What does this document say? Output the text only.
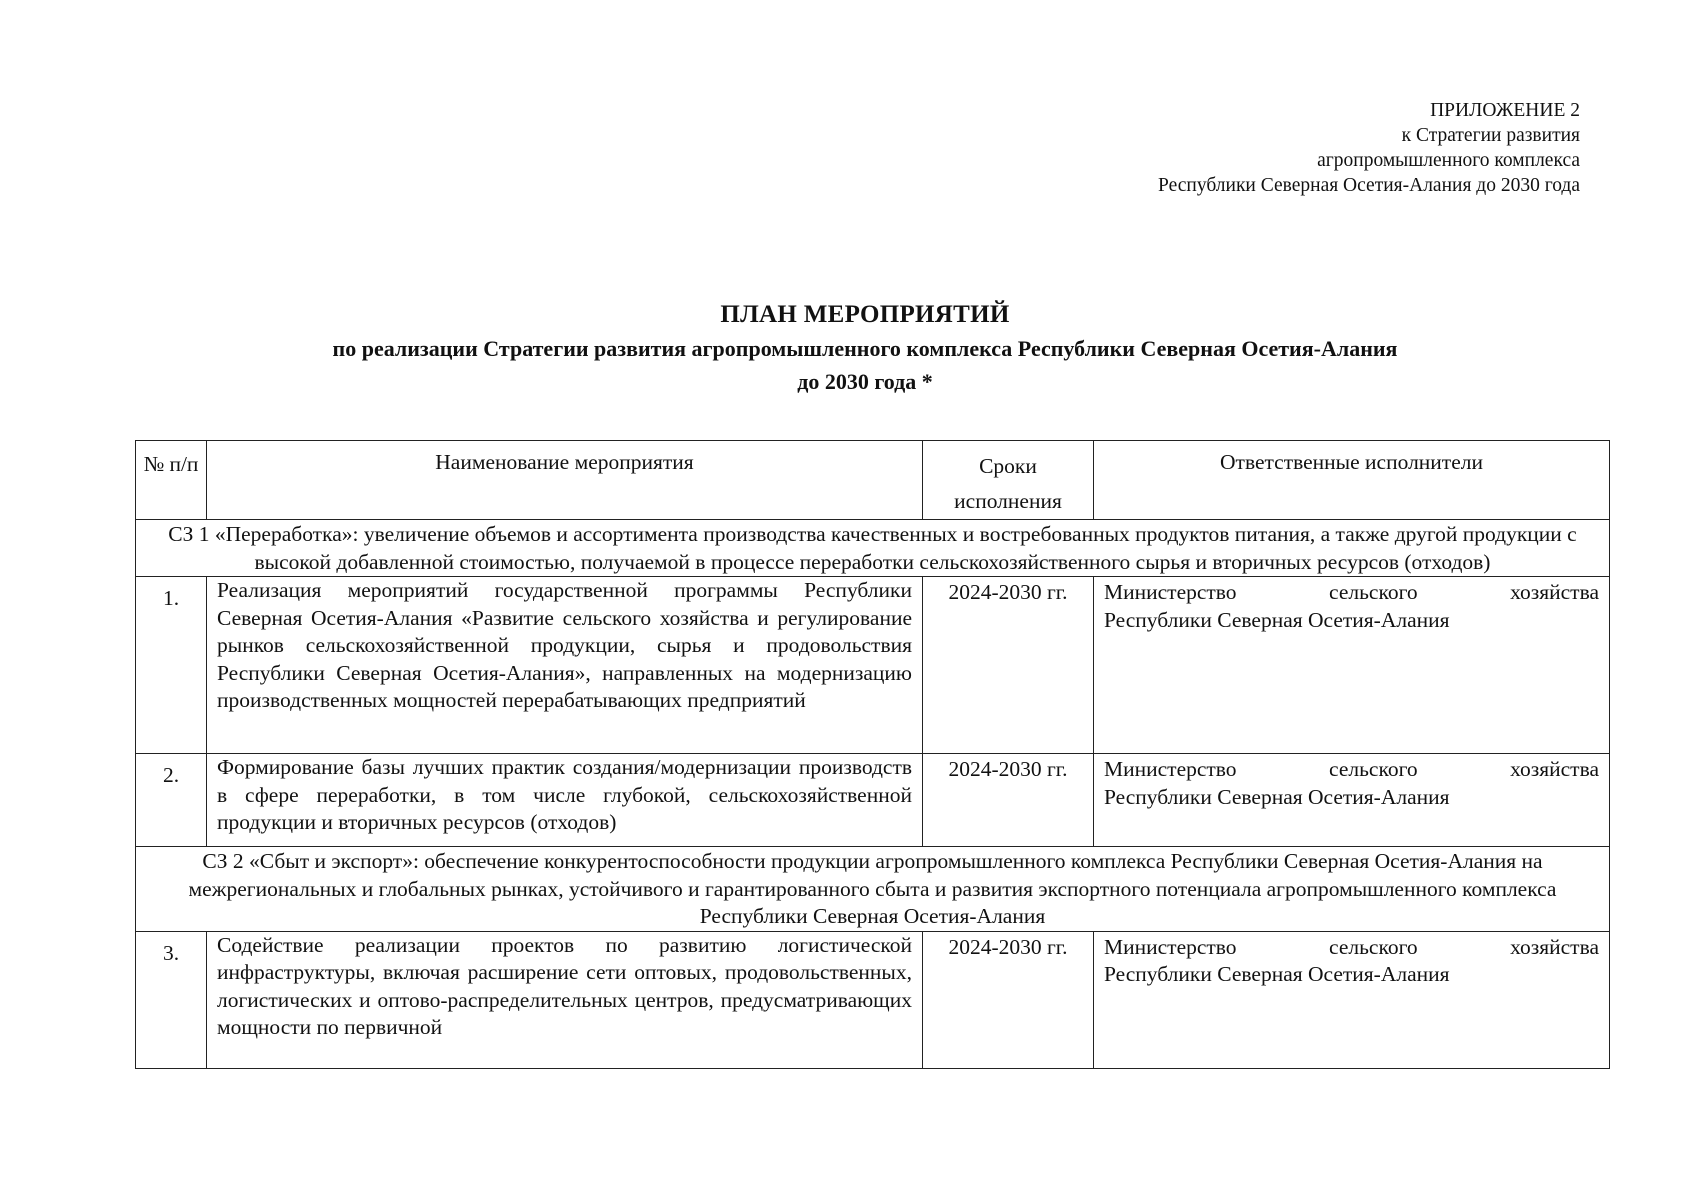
ПРИЛОЖЕНИЕ 2
к Стратегии развития
агропромышленного комплекса
Республики Северная Осетия-Алания до 2030 года
ПЛАН МЕРОПРИЯТИЙ
по реализации Стратегии развития агропромышленного комплекса Республики Северная Осетия-Алания
до 2030 года *
№ п/п	Наименование мероприятия	Сроки исполнения	Ответственные исполнители
СЗ 1 «Переработка»: увеличение объемов и ассортимента производства качественных и востребованных продуктов питания, а также другой продукции с высокой добавленной стоимостью, получаемой в процессе переработки сельскохозяйственного сырья и вторичных ресурсов (отходов)			
1.	Реализация мероприятий государственной программы Республики Северная Осетия-Алания «Развитие сельского хозяйства и регулирование рынков сельскохозяйственной продукции, сырья и продовольствия Республики Северная Осетия-Алания», направленных на модернизацию производственных мощностей перерабатывающих предприятий	2024-2030 гг.	Министерство сельского хозяйства
Республики Северная Осетия-Алания

2.	Формирование базы лучших практик создания/модернизации производств в сфере переработки, в том числе глубокой, сельскохозяйственной продукции и вторичных ресурсов (отходов)	2024-2030 гг.	Министерство сельского хозяйства
Республики Северная Осетия-Алания

СЗ 2 «Сбыт и экспорт»: обеспечение конкурентоспособности продукции агропромышленного комплекса Республики Северная Осетия-Алания на межрегиональных и глобальных рынках, устойчивого и гарантированного сбыта и развития экспортного потенциала агропромышленного комплекса Республики Северная Осетия-Алания			
3.	Содействие реализации проектов по развитию логистической инфраструктуры, включая расширение сети оптовых, продовольственных, логистических и оптово-распределительных центров, предусматривающих мощности по первичной	2024-2030 гг.	Министерство сельского хозяйства
Республики Северная Осетия-Алания
